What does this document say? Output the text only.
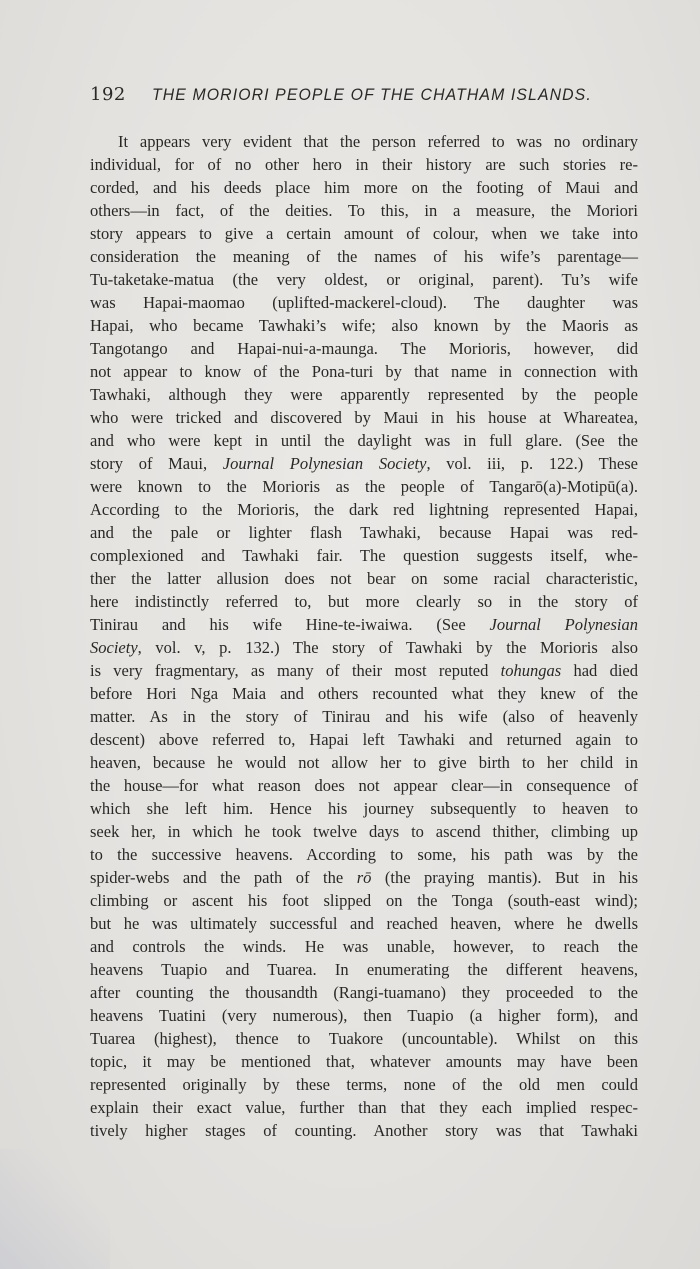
192 THE MORIORI PEOPLE OF THE CHATHAM ISLANDS.
It appears very evident that the person referred to was no ordinary
individual, for of no other hero in their history are such stories re-
corded, and his deeds place him more on the footing of Maui and
others—in fact, of the deities. To this, in a measure, the Moriori
story appears to give a certain amount of colour, when we take into
consideration the meaning of the names of his wife’s parentage—
Tu-taketake-matua (the very oldest, or original, parent). Tu’s wife
was Hapai-maomao (uplifted-mackerel-cloud). The daughter was
Hapai, who became Tawhaki’s wife; also known by the Maoris as
Tangotango and Hapai-nui-a-maunga. The Morioris, however, did
not appear to know of the Pona-turi by that name in connection with
Tawhaki, although they were apparently represented by the people
who were tricked and discovered by Maui in his house at Whareatea,
and who were kept in until the daylight was in full glare. (See the
story of Maui, Journal Polynesian Society, vol. iii, p. 122.) These
were known to the Morioris as the people of Tangarō(a)-Motipū(a).
According to the Morioris, the dark red lightning represented Hapai,
and the pale or lighter flash Tawhaki, because Hapai was red-
complexioned and Tawhaki fair. The question suggests itself, whe-
ther the latter allusion does not bear on some racial characteristic,
here indistinctly referred to, but more clearly so in the story of
Tinirau and his wife Hine-te-iwaiwa. (See Journal Polynesian
Society, vol. v, p. 132.) The story of Tawhaki by the Morioris also
is very fragmentary, as many of their most reputed tohungas had died
before Hori Nga Maia and others recounted what they knew of the
matter. As in the story of Tinirau and his wife (also of heavenly
descent) above referred to, Hapai left Tawhaki and returned again to
heaven, because he would not allow her to give birth to her child in
the house—for what reason does not appear clear—in consequence of
which she left him. Hence his journey subsequently to heaven to
seek her, in which he took twelve days to ascend thither, climbing up
to the successive heavens. According to some, his path was by the
spider-webs and the path of the rō (the praying mantis). But in his
climbing or ascent his foot slipped on the Tonga (south-east wind);
but he was ultimately successful and reached heaven, where he dwells
and controls the winds. He was unable, however, to reach the
heavens Tuapio and Tuarea. In enumerating the different heavens,
after counting the thousandth (Rangi-tuamano) they proceeded to the
heavens Tuatini (very numerous), then Tuapio (a higher form), and
Tuarea (highest), thence to Tuakore (uncountable). Whilst on this
topic, it may be mentioned that, whatever amounts may have been
represented originally by these terms, none of the old men could
explain their exact value, further than that they each implied respec-
tively higher stages of counting. Another story was that Tawhaki
